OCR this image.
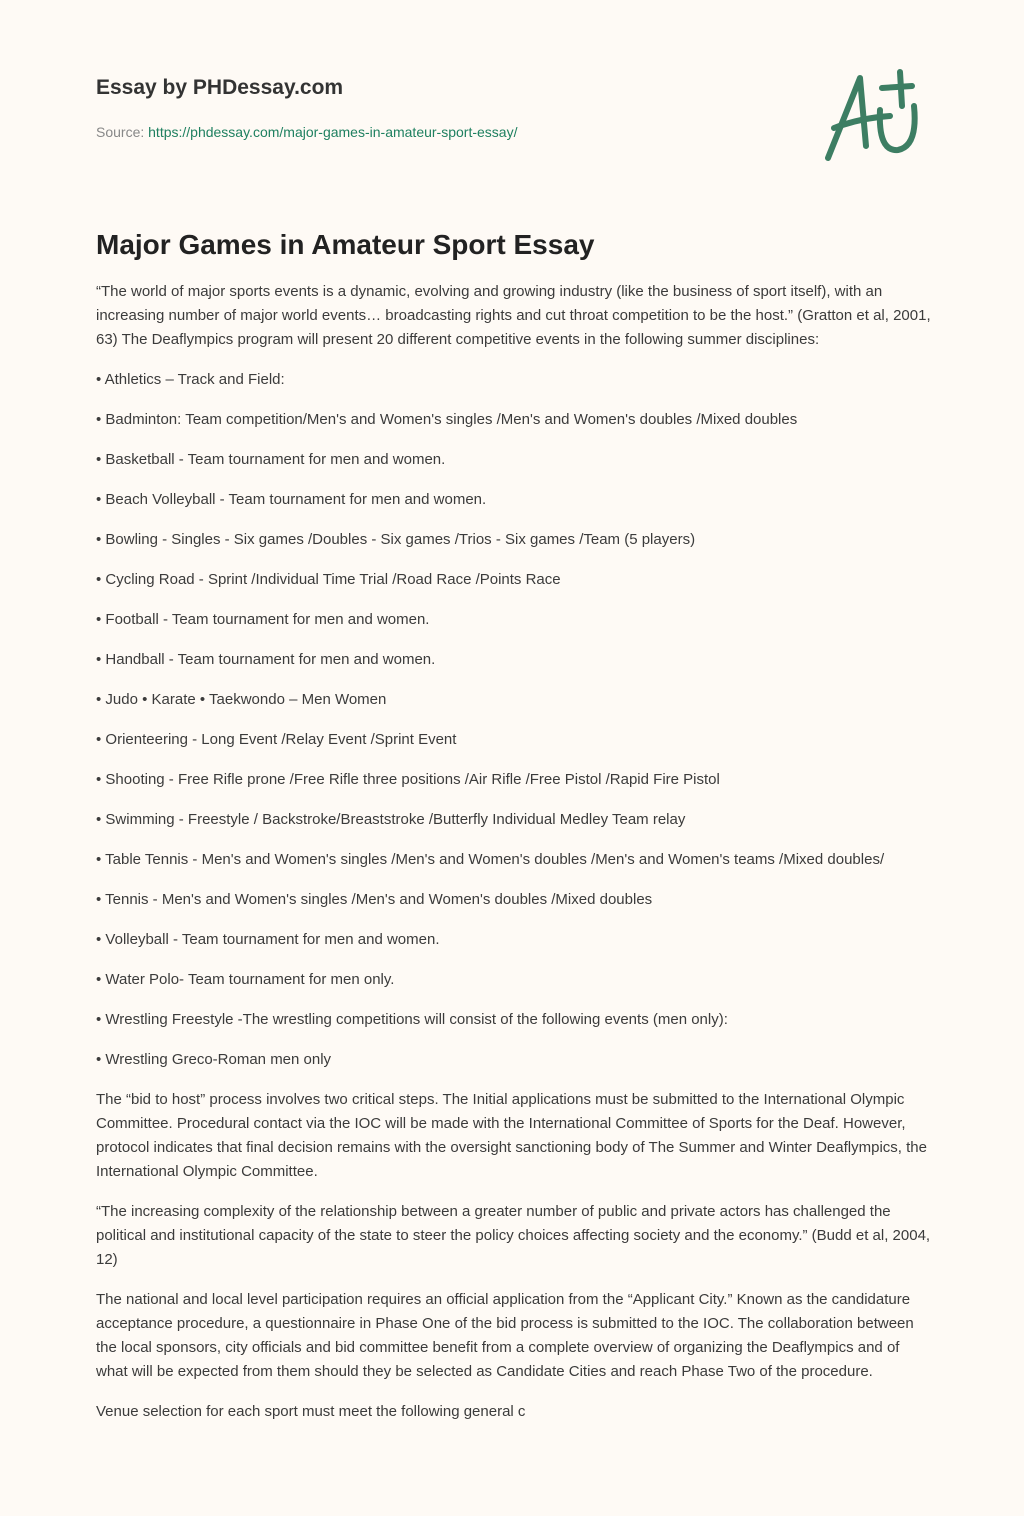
Essay by PHDessay.com
Source: https://phdessay.com/major-games-in-amateur-sport-essay/
Major Games in Amateur Sport Essay

“The world of major sports events is a dynamic, evolving and growing industry (like the business of sport itself), with an increasing number of major world events… broadcasting rights and cut throat competition to be the host.” (Gratton et al, 2001, 63) The Deaflympics program will present 20 different competitive events in the following summer disciplines:

• Athletics – Track and Field:

• Badminton: Team competition/Men's and Women's singles /Men's and Women's doubles /Mixed doubles

• Basketball - Team tournament for men and women.

• Beach Volleyball - Team tournament for men and women.

• Bowling - Singles - Six games /Doubles - Six games /Trios - Six games /Team (5 players)

• Cycling Road - Sprint /Individual Time Trial /Road Race /Points Race

• Football - Team tournament for men and women.

• Handball - Team tournament for men and women.

• Judo • Karate • Taekwondo – Men Women

• Orienteering - Long Event /Relay Event /Sprint Event

• Shooting - Free Rifle prone /Free Rifle three positions /Air Rifle /Free Pistol /Rapid Fire Pistol

• Swimming - Freestyle / Backstroke/Breaststroke /Butterfly Individual Medley Team relay

• Table Tennis - Men's and Women's singles /Men's and Women's doubles /Men's and Women's teams /Mixed doubles/

• Tennis - Men's and Women's singles /Men's and Women's doubles /Mixed doubles

• Volleyball - Team tournament for men and women.

• Water Polo- Team tournament for men only.

• Wrestling Freestyle -The wrestling competitions will consist of the following events (men only):

• Wrestling Greco-Roman men only

The “bid to host” process involves two critical steps. The Initial applications must be submitted to the International Olympic Committee. Procedural contact via the IOC will be made with the International Committee of Sports for the Deaf. However, protocol indicates that final decision remains with the oversight sanctioning body of The Summer and Winter Deaflympics, the International Olympic Committee.

“The increasing complexity of the relationship between a greater number of public and private actors has challenged the political and institutional capacity of the state to steer the policy choices affecting society and the economy.” (Budd et al, 2004, 12)

The national and local level participation requires an official application from the “Applicant City.” Known as the candidature acceptance procedure, a questionnaire in Phase One of the bid process is submitted to the IOC. The collaboration between the local sponsors, city officials and bid committee benefit from a complete overview of organizing the Deaflympics and of what will be expected from them should they be selected as Candidate Cities and reach Phase Two of the procedure.

Venue selection for each sport must meet the following general c
